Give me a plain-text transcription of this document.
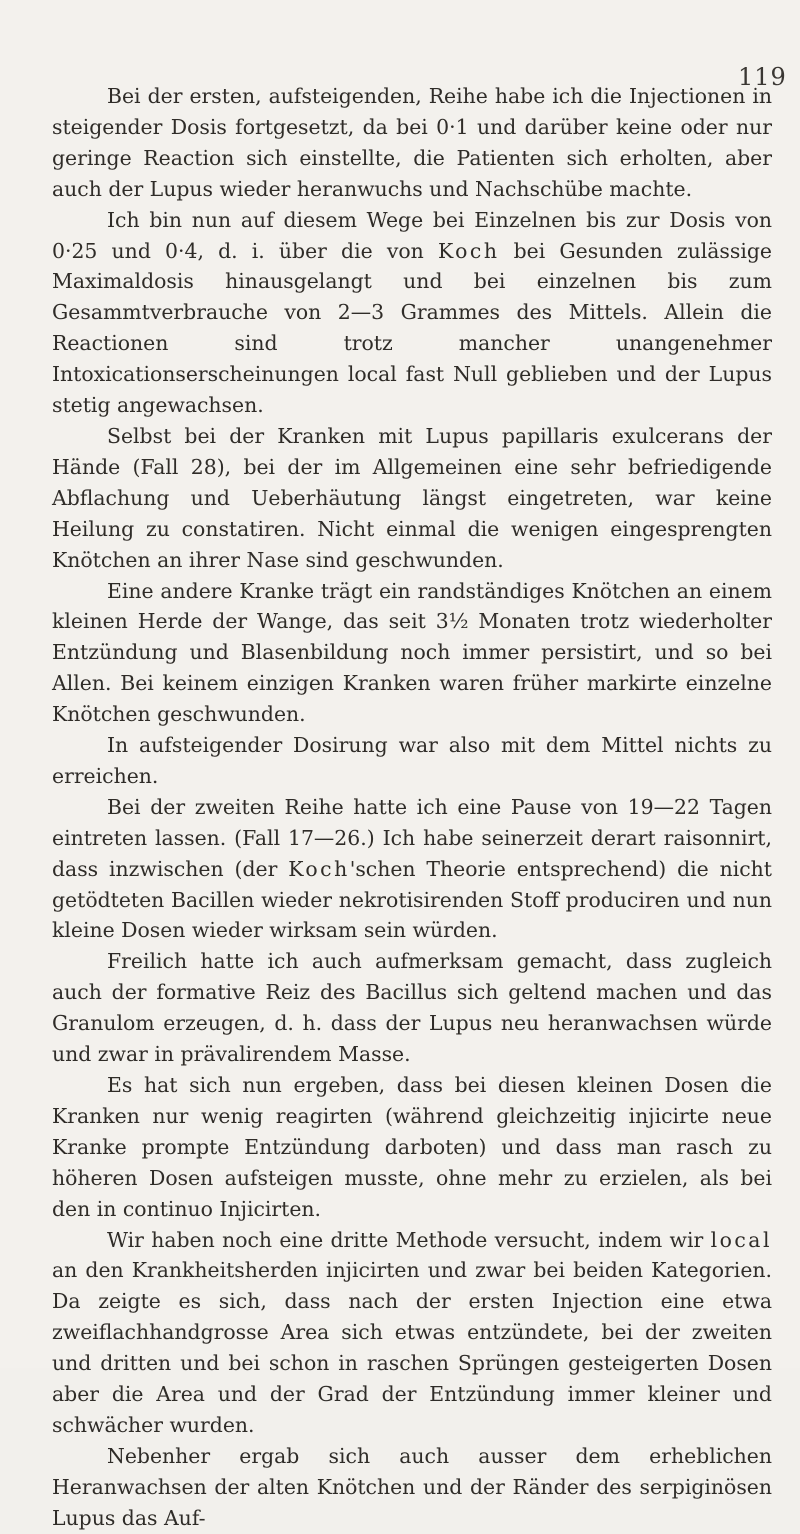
119

Bei der ersten, aufsteigenden, Reihe habe ich die Injectionen in steigender Dosis fortgesetzt, da bei 0·1 und darüber keine oder nur geringe Reaction sich einstellte, die Patienten sich erholten, aber auch der Lupus wieder heranwuchs und Nachschübe machte.

Ich bin nun auf diesem Wege bei Einzelnen bis zur Dosis von 0·25 und 0·4, d. i. über die von Koch bei Gesunden zulässige Maximaldosis hinausgelangt und bei einzelnen bis zum Gesammtverbrauche von 2—3 Grammes des Mittels. Allein die Reactionen sind trotz mancher unangenehmer Intoxicationserscheinungen local fast Null geblieben und der Lupus stetig angewachsen.

Selbst bei der Kranken mit Lupus papillaris exulcerans der Hände (Fall 28), bei der im Allgemeinen eine sehr befriedigende Abflachung und Ueberhäutung längst eingetreten, war keine Heilung zu constatiren. Nicht einmal die wenigen eingesprengten Knötchen an ihrer Nase sind geschwunden.

Eine andere Kranke trägt ein randständiges Knötchen an einem kleinen Herde der Wange, das seit 3½ Monaten trotz wiederholter Entzündung und Blasenbildung noch immer persistirt, und so bei Allen. Bei keinem einzigen Kranken waren früher markirte einzelne Knötchen geschwunden.

In aufsteigender Dosirung war also mit dem Mittel nichts zu erreichen.

Bei der zweiten Reihe hatte ich eine Pause von 19—22 Tagen eintreten lassen. (Fall 17—26.) Ich habe seinerzeit derart raisonnirt, dass inzwischen (der Koch'schen Theorie entsprechend) die nicht getödteten Bacillen wieder nekrotisirenden Stoff produciren und nun kleine Dosen wieder wirksam sein würden.

Freilich hatte ich auch aufmerksam gemacht, dass zugleich auch der formative Reiz des Bacillus sich geltend machen und das Granulom erzeugen, d. h. dass der Lupus neu heranwachsen würde und zwar in prävalirendem Masse.

Es hat sich nun ergeben, dass bei diesen kleinen Dosen die Kranken nur wenig reagirten (während gleichzeitig injicirte neue Kranke prompte Entzündung darboten) und dass man rasch zu höheren Dosen aufsteigen musste, ohne mehr zu erzielen, als bei den in continuo Injicirten.

Wir haben noch eine dritte Methode versucht, indem wir local an den Krankheitsherden injicirten und zwar bei beiden Kategorien. Da zeigte es sich, dass nach der ersten Injection eine etwa zweiflachhandgrosse Area sich etwas entzündete, bei der zweiten und dritten und bei schon in raschen Sprüngen gesteigerten Dosen aber die Area und der Grad der Entzündung immer kleiner und schwächer wurden.

Nebenher ergab sich auch ausser dem erheblichen Heranwachsen der alten Knötchen und der Ränder des serpiginösen Lupus das Auf-
